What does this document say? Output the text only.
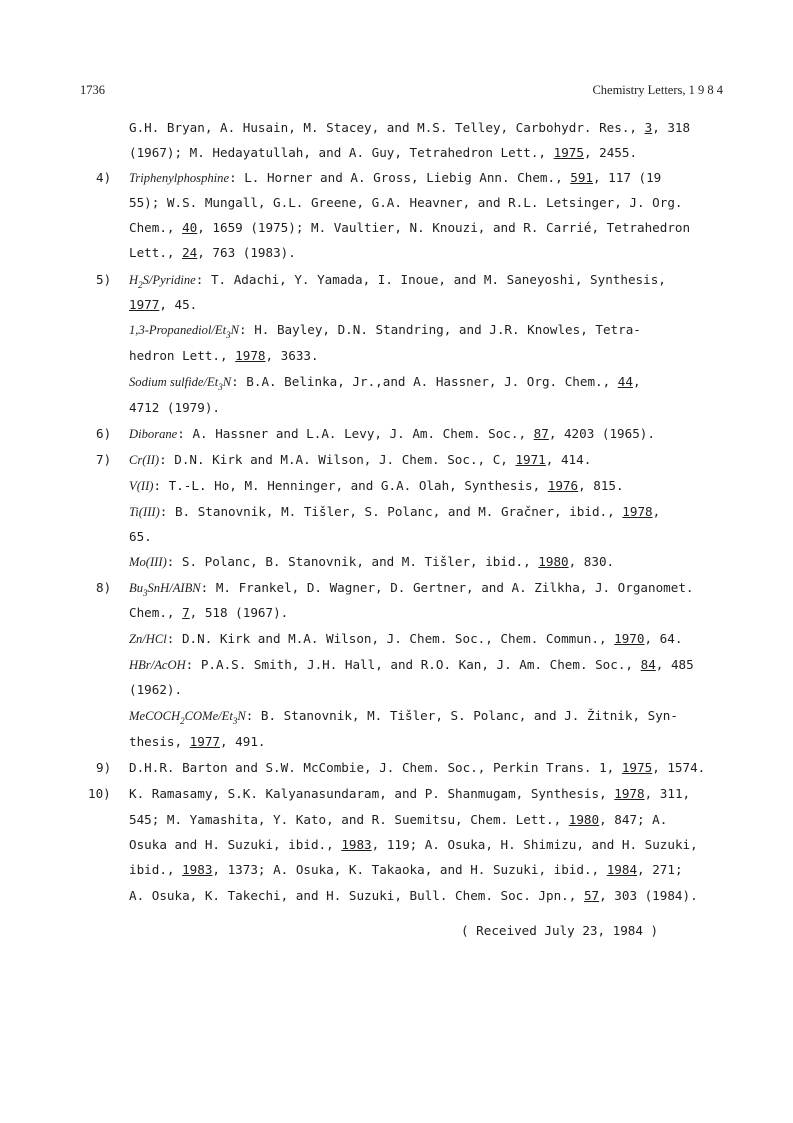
1736	Chemistry Letters, 1 9 8 4
G.H. Bryan, A. Husain, M. Stacey, and M.S. Telley, Carbohydr. Res., 3, 318
(1967); M. Hedayatullah, and A. Guy, Tetrahedron Lett., 1975, 2455.
4) Triphenylphosphine: L. Horner and A. Gross, Liebig Ann. Chem., 591, 117 (19
55); W.S. Mungall, G.L. Greene, G.A. Heavner, and R.L. Letsinger, J. Org.
Chem., 40, 1659 (1975); M. Vaultier, N. Knouzi, and R. Carrié, Tetrahedron
Lett., 24, 763 (1983).
5) $H_2S$/Pyridine: T. Adachi, Y. Yamada, I. Inoue, and M. Saneyoshi, Synthesis,
1977, 45.
$1,3-Propanediol/Et_3N$: H. Bayley, D.N. Standring, and J.R. Knowles, Tetra-
hedron Lett., 1978, 3633.
Sodium sulfide/$Et_3N$: B.A. Belinka, Jr.,and A. Hassner, J. Org. Chem., 44,
4712 (1979).
6) Diborane: A. Hassner and L.A. Levy, J. Am. Chem. Soc., 87, 4203 (1965).
7) Cr(II): D.N. Kirk and M.A. Wilson, J. Chem. Soc., C, 1971, 414.
V(II): T.-L. Ho, M. Henninger, and G.A. Olah, Synthesis, 1976, 815.
Ti(III): B. Stanovnik, M. Tišler, S. Polanc, and M. Gračner, ibid., 1978,
65.
Mo(III): S. Polanc, B. Stanovnik, and M. Tišler, ibid., 1980, 830.
8) $Bu_3SnH$/AIBN: M. Frankel, D. Wagner, D. Gertner, and A. Zilkha, J. Organomet.
Chem., 7, 518 (1967).
Zn/HCl: D.N. Kirk and M.A. Wilson, J. Chem. Soc., Chem. Commun., 1970, 64.
HBr/AcOH: P.A.S. Smith, J.H. Hall, and R.O. Kan, J. Am. Chem. Soc., 84, 485
(1962).
$MeCOCH_2COMe/Et_3N$: B. Stanovnik, M. Tišler, S. Polanc, and J. Žitnik, Syn-
thesis, 1977, 491.
9) D.H.R. Barton and S.W. McCombie, J. Chem. Soc., Perkin Trans. 1, 1975, 1574.
10) K. Ramasamy, S.K. Kalyanasundaram, and P. Shanmugam, Synthesis, 1978, 311,
545; M. Yamashita, Y. Kato, and R. Suemitsu, Chem. Lett., 1980, 847; A.
Osuka and H. Suzuki, ibid., 1983, 119; A. Osuka, H. Shimizu, and H. Suzuki,
ibid., 1983, 1373; A. Osuka, K. Takaoka, and H. Suzuki, ibid., 1984, 271;
A. Osuka, K. Takechi, and H. Suzuki, Bull. Chem. Soc. Jpn., 57, 303 (1984).
( Received July 23, 1984 )
